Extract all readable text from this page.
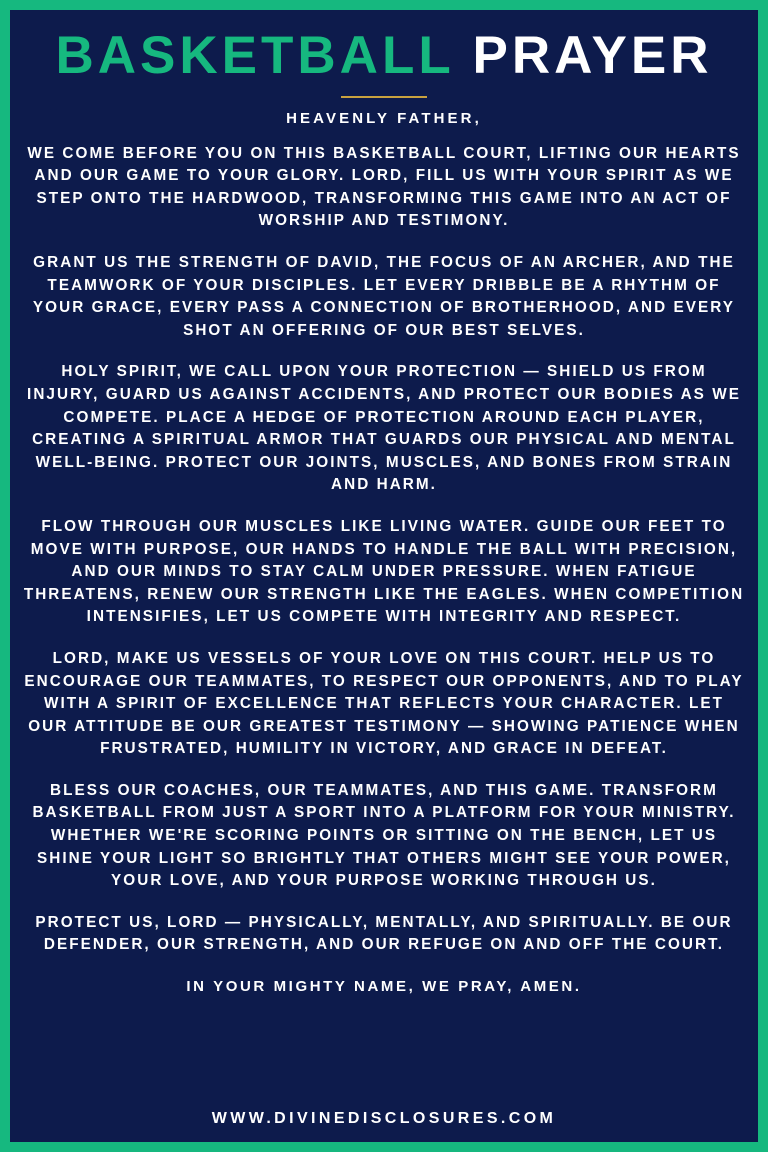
BASKETBALL PRAYER
HEAVENLY FATHER,

WE COME BEFORE YOU ON THIS BASKETBALL COURT, LIFTING OUR HEARTS AND OUR GAME TO YOUR GLORY. LORD, FILL US WITH YOUR SPIRIT AS WE STEP ONTO THE HARDWOOD, TRANSFORMING THIS GAME INTO AN ACT OF WORSHIP AND TESTIMONY.

GRANT US THE STRENGTH OF DAVID, THE FOCUS OF AN ARCHER, AND THE TEAMWORK OF YOUR DISCIPLES. LET EVERY DRIBBLE BE A RHYTHM OF YOUR GRACE, EVERY PASS A CONNECTION OF BROTHERHOOD, AND EVERY SHOT AN OFFERING OF OUR BEST SELVES.

HOLY SPIRIT, WE CALL UPON YOUR PROTECTION — SHIELD US FROM INJURY, GUARD US AGAINST ACCIDENTS, AND PROTECT OUR BODIES AS WE COMPETE. PLACE A HEDGE OF PROTECTION AROUND EACH PLAYER, CREATING A SPIRITUAL ARMOR THAT GUARDS OUR PHYSICAL AND MENTAL WELL-BEING. PROTECT OUR JOINTS, MUSCLES, AND BONES FROM STRAIN AND HARM.

FLOW THROUGH OUR MUSCLES LIKE LIVING WATER. GUIDE OUR FEET TO MOVE WITH PURPOSE, OUR HANDS TO HANDLE THE BALL WITH PRECISION, AND OUR MINDS TO STAY CALM UNDER PRESSURE. WHEN FATIGUE THREATENS, RENEW OUR STRENGTH LIKE THE EAGLES. WHEN COMPETITION INTENSIFIES, LET US COMPETE WITH INTEGRITY AND RESPECT.

LORD, MAKE US VESSELS OF YOUR LOVE ON THIS COURT. HELP US TO ENCOURAGE OUR TEAMMATES, TO RESPECT OUR OPPONENTS, AND TO PLAY WITH A SPIRIT OF EXCELLENCE THAT REFLECTS YOUR CHARACTER. LET OUR ATTITUDE BE OUR GREATEST TESTIMONY — SHOWING PATIENCE WHEN FRUSTRATED, HUMILITY IN VICTORY, AND GRACE IN DEFEAT.

BLESS OUR COACHES, OUR TEAMMATES, AND THIS GAME. TRANSFORM BASKETBALL FROM JUST A SPORT INTO A PLATFORM FOR YOUR MINISTRY. WHETHER WE'RE SCORING POINTS OR SITTING ON THE BENCH, LET US SHINE YOUR LIGHT SO BRIGHTLY THAT OTHERS MIGHT SEE YOUR POWER, YOUR LOVE, AND YOUR PURPOSE WORKING THROUGH US.

PROTECT US, LORD — PHYSICALLY, MENTALLY, AND SPIRITUALLY. BE OUR DEFENDER, OUR STRENGTH, AND OUR REFUGE ON AND OFF THE COURT.

IN YOUR MIGHTY NAME, WE PRAY, AMEN.
WWW.DIVINEDISCLOSURES.COM
